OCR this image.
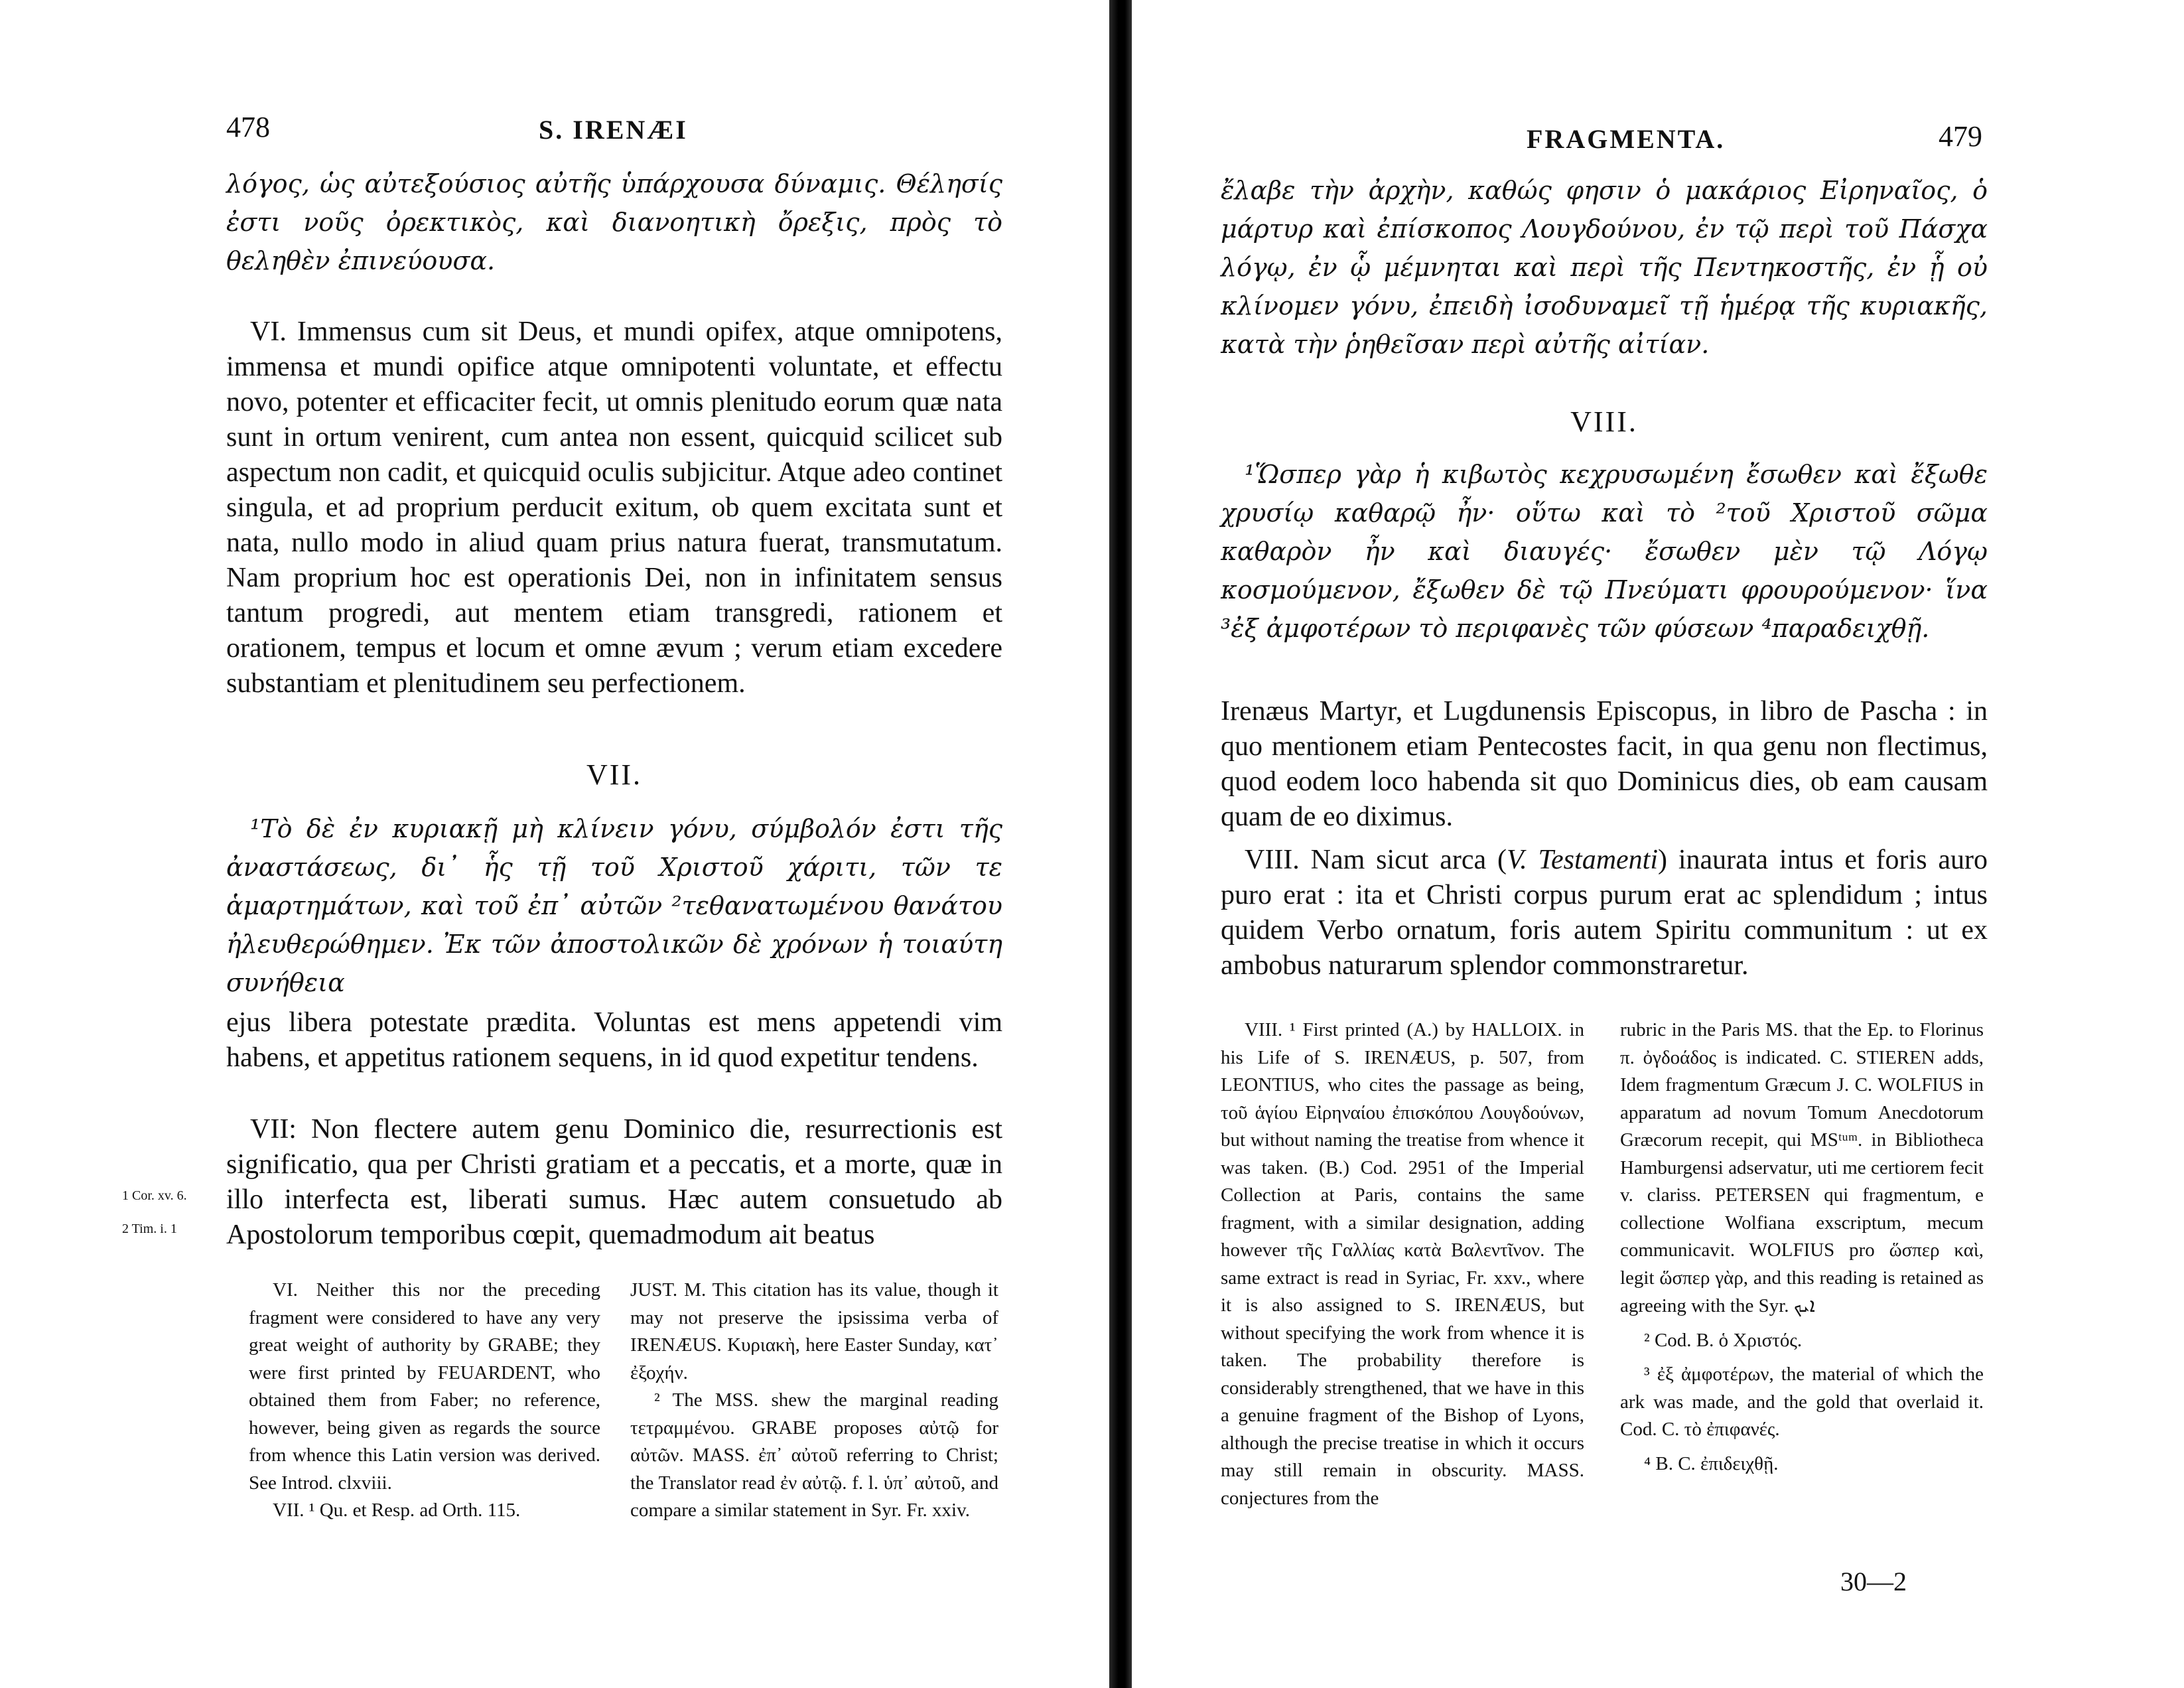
478	S. IRENÆI

λόγος, ὡς αὐτεξούσιος αὐτῆς ὑπάρχουσα δύναμις. Θέλησίς ἐστι νοῦς ὀρεκτικὸς, καὶ διανοητικὴ ὄρεξις, πρὸς τὸ θεληθὲν ἐπινεύουσα.

VI. Immensus cum sit Deus, et mundi opifex, atque omnipotens, immensa et mundi opifice atque omnipotenti voluntate, et effectu novo, potenter et efficaciter fecit, ut omnis plenitudo eorum quæ nata sunt in ortum venirent, cum antea non essent, quicquid scilicet sub aspectum non cadit, et quicquid oculis subjicitur. Atque adeo continet singula, et ad proprium perducit exitum, ob quem excitata sunt et nata, nullo modo in aliud quam prius natura fuerat, transmutatum. Nam proprium hoc est operationis Dei, non in infinitatem sensus tantum progredi, aut mentem etiam transgredi, rationem et orationem, tempus et locum et omne ævum ; verum etiam excedere substantiam et plenitudinem seu perfectionem.

VII.

¹Τὸ δὲ ἐν κυριακῇ μὴ κλίνειν γόνυ, σύμβολόν ἐστι τῆς ἀναστάσεως, δι᾽ ἧς τῇ τοῦ Χριστοῦ χάριτι, τῶν τε ἁμαρτημάτων, καὶ τοῦ ἐπ᾽ αὐτῶν ²τεθανατωμένου θανάτου ἠλευθερώθημεν. Ἐκ τῶν ἀποστολικῶν δὲ χρόνων ἡ τοιαύτη συνήθεια

ejus libera potestate prædita. Voluntas est mens appetendi vim habens, et appetitus rationem sequens, in id quod expetitur tendens.

VII: Non flectere autem genu Dominico die, resurrectionis est significatio, qua per Christi gratiam et a peccatis, et a morte, quæ in illo interfecta est, liberati sumus. Hæc autem consuetudo ab Apostolorum temporibus cœpit, quemadmodum ait beatus

1 Cor. xv. 6.
2 Tim. i. 1

VI. Neither this nor the preceding fragment were considered to have any very great weight of authority by GRABE; they were first printed by FEUARDENT, who obtained them from Faber; no reference, however, being given as regards the source from whence this Latin version was derived. See Introd. clxviii.

VII. ¹ Qu. et Resp. ad Orth. 115.

JUST. M. This citation has its value, though it may not preserve the ipsissima verba of IRENÆUS. Κυριακὴ, here Easter Sunday, κατ᾽ ἐξοχήν.

² The MSS. shew the marginal reading τετραμμένου. GRABE proposes αὐτῷ for αὐτῶν. MASS. ἐπ᾽ αὐτοῦ referring to Christ; the Translator read ἐν αὐτῷ. f. l. ὑπ᾽ αὐτοῦ, and compare a similar statement in Syr. Fr. xxiv.

FRAGMENTA.	479

ἔλαβε τὴν ἀρχὴν, καθώς φησιν ὁ μακάριος Εἰρηναῖος, ὁ μάρτυρ καὶ ἐπίσκοπος Λουγδούνου, ἐν τῷ περὶ τοῦ Πάσχα λόγῳ, ἐν ᾧ μέμνηται καὶ περὶ τῆς Πεντηκοστῆς, ἐν ᾗ οὐ κλίνομεν γόνυ, ἐπειδὴ ἰσοδυναμεῖ τῇ ἡμέρᾳ τῆς κυριακῆς, κατὰ τὴν ῥηθεῖσαν περὶ αὐτῆς αἰτίαν.

VIII.

¹Ὥσπερ γὰρ ἡ κιβωτὸς κεχρυσωμένη ἔσωθεν καὶ ἔξωθε χρυσίῳ καθαρῷ ἦν· οὕτω καὶ τὸ ²τοῦ Χριστοῦ σῶμα καθαρὸν ἦν καὶ διαυγές· ἔσωθεν μὲν τῷ Λόγῳ κοσμούμενον, ἔξωθεν δὲ τῷ Πνεύματι φρουρούμενον· ἵνα ³ἐξ ἀμφοτέρων τὸ περιφανὲς τῶν φύσεων ⁴παραδειχθῇ.

Irenæus Martyr, et Lugdunensis Episcopus, in libro de Pascha : in quo mentionem etiam Pentecostes facit, in qua genu non flectimus, quod eodem loco habenda sit quo Dominicus dies, ob eam causam quam de eo diximus.

VIII. Nam sicut arca (V. Testamenti) inaurata intus et foris auro puro erat : ita et Christi corpus purum erat ac splendidum ; intus quidem Verbo ornatum, foris autem Spiritu communitum : ut ex ambobus naturarum splendor commonstraretur.

VIII. ¹ First printed (A.) by HALLOIX. in his Life of S. IRENÆUS, p. 507, from LEONTIUS, who cites the passage as being, τοῦ ἁγίου Εἰρηναίου ἐπισκόπου Λουγδούνων, but without naming the treatise from whence it was taken. (B.) Cod. 2951 of the Imperial Collection at Paris, contains the same fragment, with a similar designation, adding however τῆς Γαλλίας κατὰ Βαλεντῖνον. The same extract is read in Syriac, Fr. xxv., where it is also assigned to S. IRENÆUS, but without specifying the work from whence it is taken. The probability therefore is considerably strengthened, that we have in this a genuine fragment of the Bishop of Lyons, although the precise treatise in which it occurs may still remain in obscurity. MASS. conjectures from the

rubric in the Paris MS. that the Ep. to Florinus π. ὀγδοάδος is indicated. C. STIEREN adds, Idem fragmentum Græcum J. C. WOLFIUS in apparatum ad novum Tomum Anecdotorum Græcorum recepit, qui MSᵗᵘᵐ. in Bibliotheca Hamburgensi adservatur, uti me certiorem fecit v. clariss. PETERSEN qui fragmentum, e collectione Wolfiana exscriptum, mecum communicavit. WOLFIUS pro ὥσπερ καὶ, legit ὥσπερ γὰρ, and this reading is retained as agreeing with the Syr. ܐܝܟ

² Cod. B. ὁ Χριστός.

³ ἐξ ἀμφοτέρων, the material of which the ark was made, and the gold that overlaid it. Cod. C. τὸ ἐπιφανές.

⁴ B. C. ἐπιδειχθῇ.

30—2
